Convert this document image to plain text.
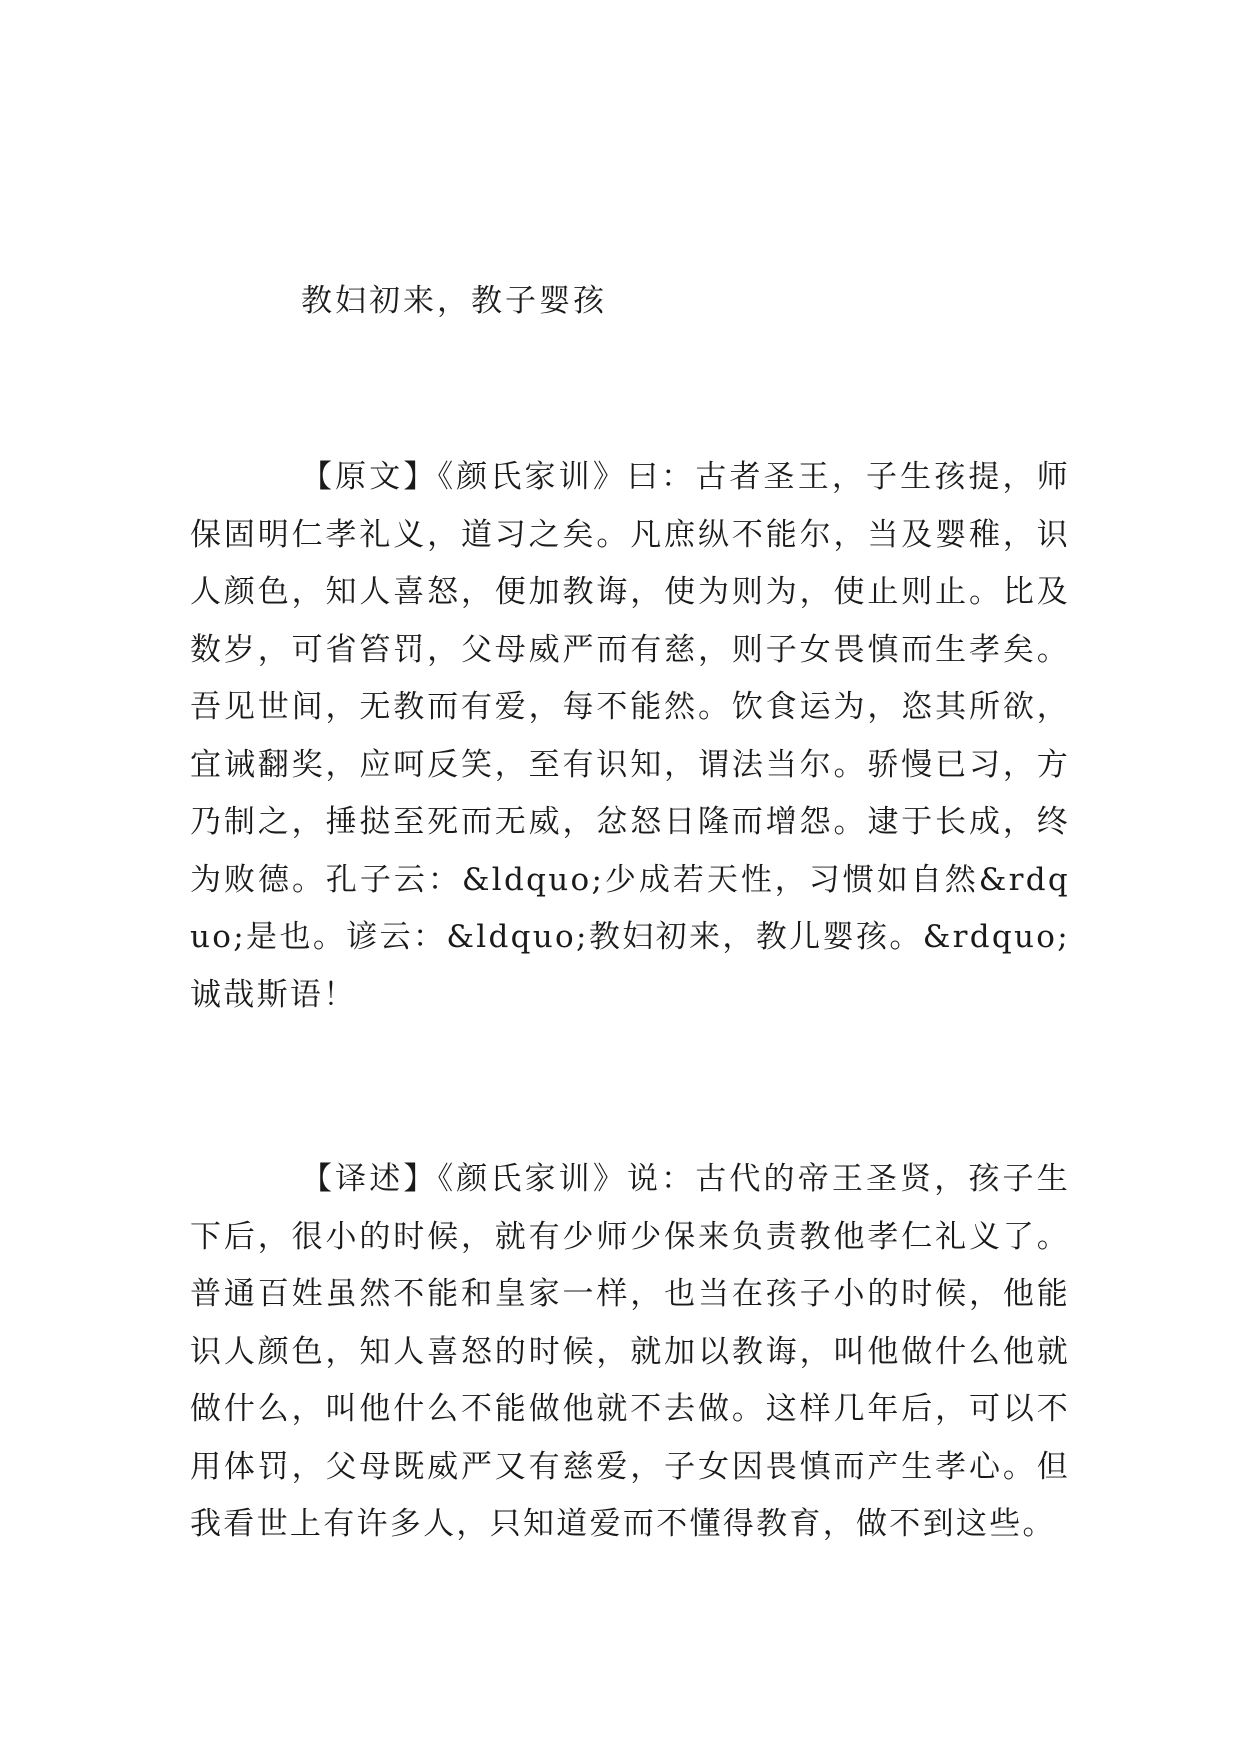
教妇初来，教子婴孩

【原文】《颜氏家训》曰：古者圣王，子生孩提，师保固明仁孝礼义，道习之矣。凡庶纵不能尔，当及婴稚，识人颜色，知人喜怒，便加教诲，使为则为，使止则止。比及数岁，可省笞罚，父母威严而有慈，则子女畏慎而生孝矣。吾见世间，无教而有爱，每不能然。饮食运为，恣其所欲，宜诫翻奖，应呵反笑，至有识知，谓法当尔。骄慢已习，方乃制之，捶挞至死而无威，忿怒日隆而增怨。逮于长成，终为败德。孔子云：&ldquo;少成若天性，习惯如自然&rdquo;是也。谚云：&ldquo;教妇初来，教儿婴孩。&rdquo;诚哉斯语！

【译述】《颜氏家训》说：古代的帝王圣贤，孩子生下后，很小的时候，就有少师少保来负责教他孝仁礼义了。普通百姓虽然不能和皇家一样，也当在孩子小的时候，他能识人颜色，知人喜怒的时候，就加以教诲，叫他做什么他就做什么，叫他什么不能做他就不去做。这样几年后，可以不用体罚，父母既威严又有慈爱，子女因畏慎而产生孝心。但我看世上有许多人，只知道爱而不懂得教育，做不到这些。
